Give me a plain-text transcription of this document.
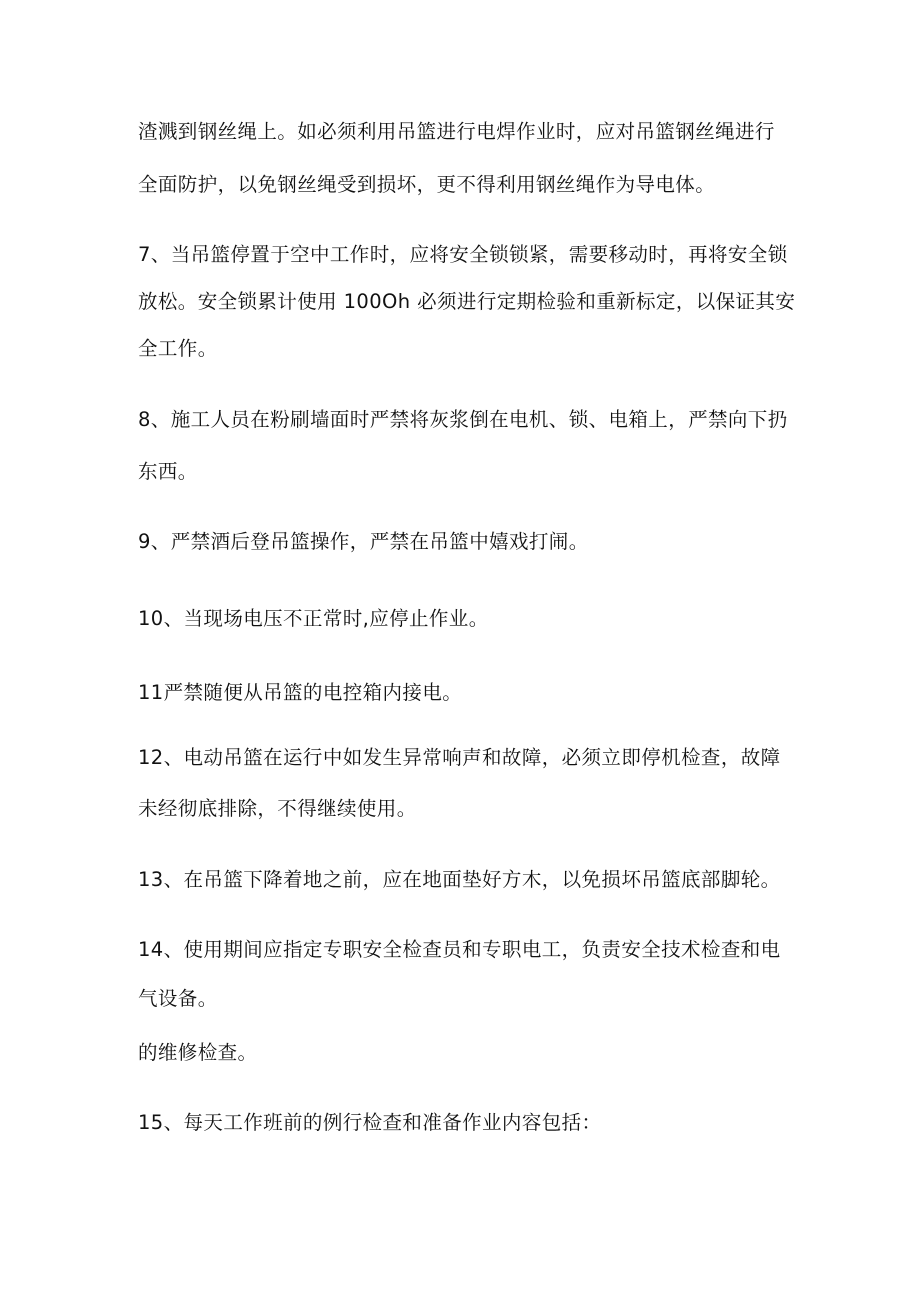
渣溅到钢丝绳上。如必须利用吊篮进行电焊作业时，应对吊篮钢丝绳进行
全面防护，以免钢丝绳受到损坏，更不得利用钢丝绳作为导电体。
7、当吊篮停置于空中工作时，应将安全锁锁紧，需要移动时，再将安全锁
放松。安全锁累计使用 100Oh 必须进行定期检验和重新标定，以保证其安
全工作。
8、施工人员在粉刷墙面时严禁将灰浆倒在电机、锁、电箱上，严禁向下扔
东西。
9、严禁酒后登吊篮操作，严禁在吊篮中嬉戏打闹。
10、当现场电压不正常时,应停止作业。
11严禁随便从吊篮的电控箱内接电。
12、电动吊篮在运行中如发生异常响声和故障，必须立即停机检查，故障
未经彻底排除，不得继续使用。
13、在吊篮下降着地之前，应在地面垫好方木，以免损坏吊篮底部脚轮。
14、使用期间应指定专职安全检查员和专职电工，负责安全技术检查和电
气设备。
的维修检查。
15、每天工作班前的例行检查和准备作业内容包括：
